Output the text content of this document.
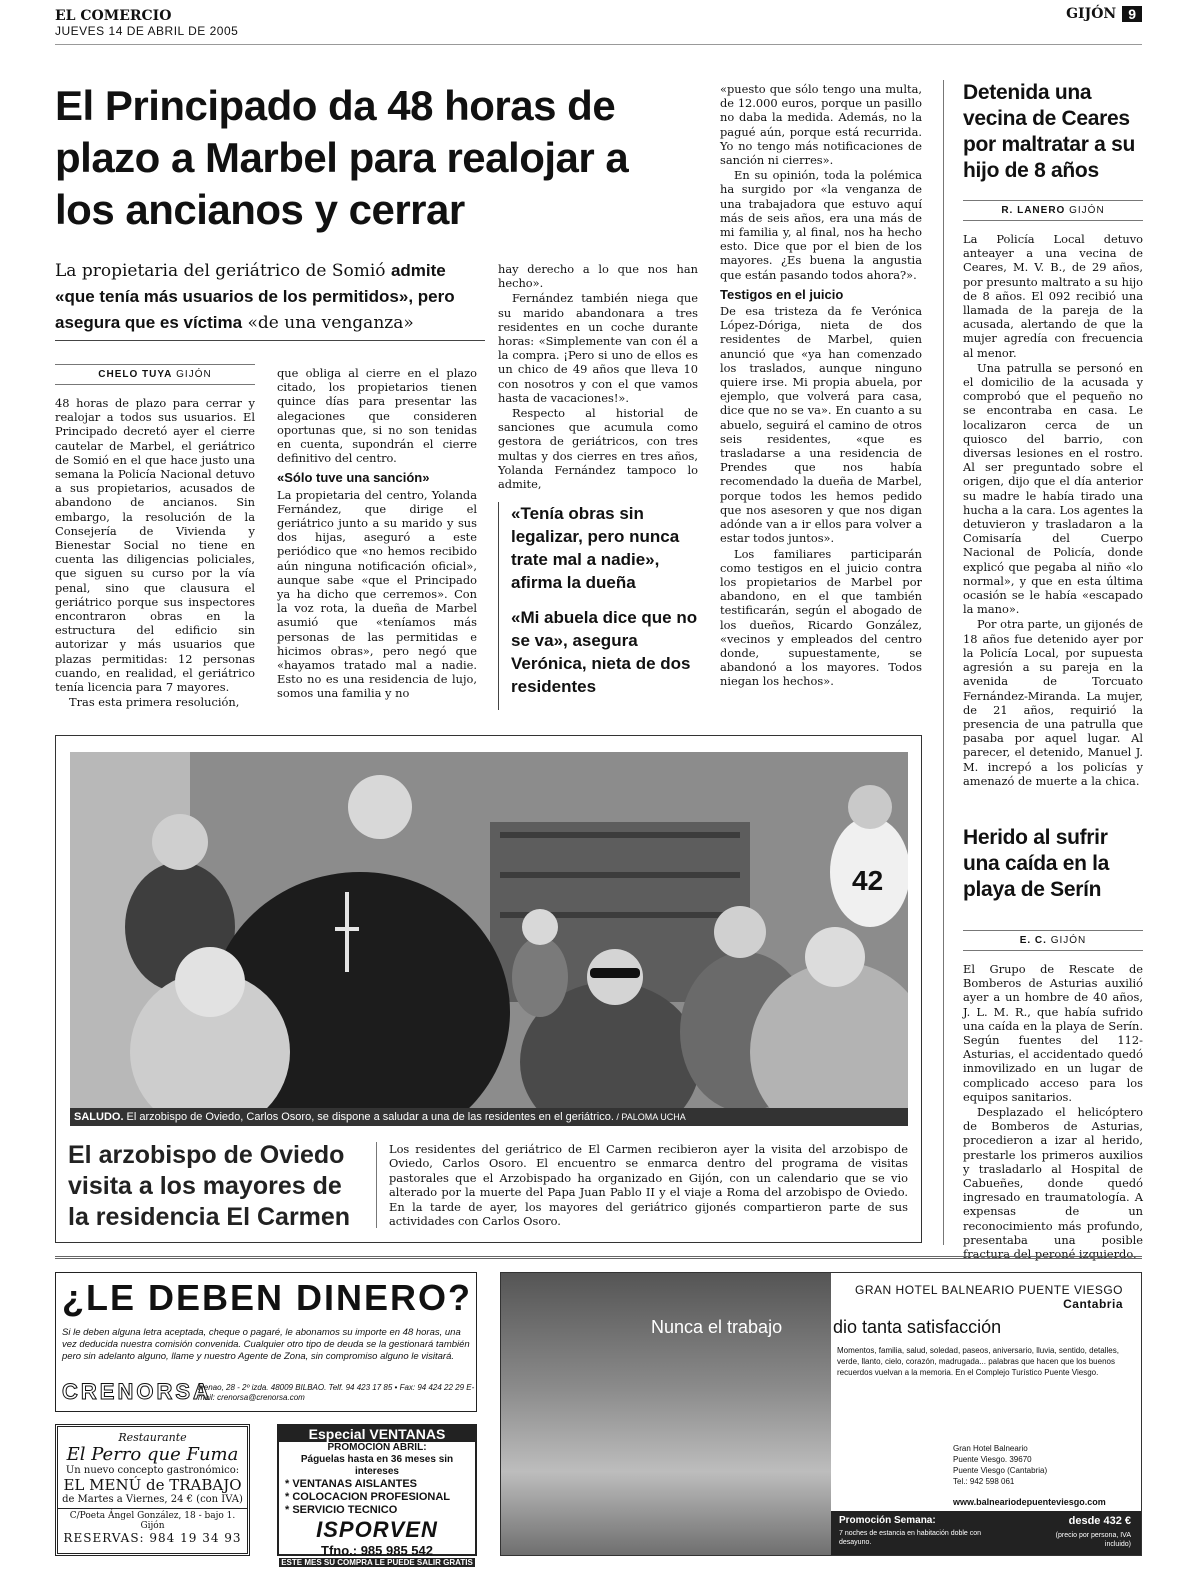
EL COMERCIO
JUEVES 14 DE ABRIL DE 2005
GIJÓN 9
El Principado da 48 horas de plazo a Marbel para realojar a los ancianos y cerrar
La propietaria del geriátrico de Somió admite «que tenía más usuarios de los permitidos», pero asegura que es víctima «de una venganza»
CHELO TUYA GIJÓN

48 horas de plazo para cerrar y realojar a todos sus usuarios. El Principado decretó ayer el cierre cautelar de Marbel, el geriátrico de Somió en el que hace justo una semana la Policía Nacional detuvo a sus propietarios, acusados de abandono de ancianos. Sin embargo, la resolución de la Consejería de Vivienda y Bienestar Social no tiene en cuenta las diligencias policiales, que siguen su curso por la vía penal, sino que clausura el geriátrico porque sus inspectores encontraron obras en la estructura del edificio sin autorizar y más usuarios que plazas permitidas: 12 personas cuando, en realidad, el geriátrico tenía licencia para 7 mayores.

Tras esta primera resolución,

que obliga al cierre en el plazo citado, los propietarios tienen quince días para presentar las alegaciones que consideren oportunas que, si no son tenidas en cuenta, supondrán el cierre definitivo del centro.

«Sólo tuve una sanción»

La propietaria del centro, Yolanda Fernández, que dirige el geriátrico junto a su marido y sus dos hijas, aseguró a este periódico que «no hemos recibido aún ninguna notificación oficial», aunque sabe «que el Principado ya ha dicho que cerremos». Con la voz rota, la dueña de Marbel asumió que «teníamos más personas de las permitidas e hicimos obras», pero negó que «hayamos tratado mal a nadie. Esto no es una residencia de lujo, somos una familia y no

hay derecho a lo que nos han hecho».

Fernández también niega que su marido abandonara a tres residentes en un coche durante horas: «Simplemente van con él a la compra. ¡Pero si uno de ellos es un chico de 49 años que lleva 10 con nosotros y con el que vamos hasta de vacaciones!».

Respecto al historial de sanciones que acumula como gestora de geriátricos, con tres multas y dos cierres en tres años, Yolanda Fernández tampoco lo admite,

«Tenía obras sin legalizar, pero nunca trate mal a nadie», afirma la dueña

«Mi abuela dice que no se va», asegura Verónica, nieta de dos residentes

«puesto que sólo tengo una multa, de 12.000 euros, porque un pasillo no daba la medida. Además, no la pagué aún, porque está recurrida. Yo no tengo más notificaciones de sanción ni cierres».

En su opinión, toda la polémica ha surgido por «la venganza de una trabajadora que estuvo aquí más de seis años, era una más de mi familia y, al final, nos ha hecho esto. Dice que por el bien de los mayores. ¿Es buena la angustia que están pasando todos ahora?».

Testigos en el juicio

De esa tristeza da fe Verónica López-Dóriga, nieta de dos residentes de Marbel, quien anunció que «ya han comenzado los traslados, aunque ninguno quiere irse. Mi propia abuela, por ejemplo, que volverá para casa, dice que no se va». En cuanto a su abuelo, seguirá el camino de otros seis residentes, «que es trasladarse a una residencia de Prendes que nos había recomendado la dueña de Marbel, porque todos les hemos pedido que nos asesoren y que nos digan adónde van a ir ellos para volver a estar todos juntos».

Los familiares participarán como testigos en el juicio contra los propietarios de Marbel por abandono, en el que también testificarán, según el abogado de los dueños, Ricardo González, «vecinos y empleados del centro donde, supuestamente, se abandonó a los mayores. Todos niegan los hechos».

Detenida una vecina de Ceares por maltratar a su hijo de 8 años
R. LANERO GIJÓN

La Policía Local detuvo anteayer a una vecina de Ceares, M. V. B., de 29 años, por presunto maltrato a su hijo de 8 años. El 092 recibió una llamada de la pareja de la acusada, alertando de que la mujer agredía con frecuencia al menor.

Una patrulla se personó en el domicilio de la acusada y comprobó que el pequeño no se encontraba en casa. Le localizaron cerca de un quiosco del barrio, con diversas lesiones en el rostro. Al ser preguntado sobre el origen, dijo que el día anterior su madre le había tirado una hucha a la cara. Los agentes la detuvieron y trasladaron a la Comisaría del Cuerpo Nacional de Policía, donde explicó que pegaba al niño «lo normal», y que en esta última ocasión se le había «escapado la mano».

Por otra parte, un gijonés de 18 años fue detenido ayer por la Policía Local, por supuesta agresión a su pareja en la avenida de Torcuato Fernández-Miranda. La mujer, de 21 años, requirió la presencia de una patrulla que pasaba por aquel lugar. Al parecer, el detenido, Manuel J. M. increpó a los policías y amenazó de muerte a la chica.

Herido al sufrir una caída en la playa de Serín
E. C. GIJÓN

El Grupo de Rescate de Bomberos de Asturias auxilió ayer a un hombre de 40 años, J. L. M. R., que había sufrido una caída en la playa de Serín. Según fuentes del 112-Asturias, el accidentado quedó inmovilizado en un lugar de complicado acceso para los equipos sanitarios.

Desplazado el helicóptero de Bomberos de Asturias, procedieron a izar al herido, prestarle los primeros auxilios y trasladarlo al Hospital de Cabueñes, donde quedó ingresado en traumatología. A expensas de un reconocimiento más profundo, presentaba una posible fractura del peroné izquierdo.

42
SALUDO. El arzobispo de Oviedo, Carlos Osoro, se dispone a saludar a una de las residentes en el geriátrico. / PALOMA UCHA
El arzobispo de Oviedo visita a los mayores de la residencia El Carmen

Los residentes del geriátrico de El Carmen recibieron ayer la visita del arzobispo de Oviedo, Carlos Osoro. El encuentro se enmarca dentro del programa de visitas pastorales que el Arzobispado ha organizado en Gijón, con un calendario que se vio alterado por la muerte del Papa Juan Pablo II y el viaje a Roma del arzobispo de Oviedo. En la tarde de ayer, los mayores del geriátrico gijonés compartieron parte de sus actividades con Carlos Osoro.

¿LE DEBEN DINERO?
Si le deben alguna letra aceptada, cheque o pagaré, le abonamos su importe en 48 horas, una vez deducida nuestra comisión convenida. Cualquier otro tipo de deuda se la gestionará también pero sin adelanto alguno, llame y nuestro Agente de Zona, sin compromiso alguno le visitará.
CRENORSA
Henao, 28 - 2º izda. 48009 BILBAO. Telf. 94 423 17 85 • Fax: 94 424 22 29 E-mail: crenorsa@crenorsa.com
Restaurante
El Perro que Fuma
Un nuevo concepto gastronómico:
EL MENÚ de TRABAJO
de Martes a Viernes, 24 € (con IVA)
C/Poeta Ángel González, 18 - bajo 1. Gijón
RESERVAS: 984 19 34 93
Especial VENTANAS
PROMOCIÓN ABRIL:
Páguelas hasta en 36 meses sin intereses
* VENTANAS AISLANTES
* COLOCACION PROFESIONAL
* SERVICIO TECNICO
ISPORVEN
Tfno.: 985 985 542
ESTE MES SU COMPRA LE PUEDE SALIR GRATIS
GRAN HOTEL BALNEARIO PUENTE VIESGO
Cantabria
Nunca el trabajo	dio tanta satisfacción
Momentos, familia, salud, soledad, paseos, aniversario, lluvia, sentido, detalles, verde, llanto, cielo, corazón, madrugada... palabras que hacen que los buenos recuerdos vuelvan a la memoria. En el Complejo Turístico Puente Viesgo.
Gran Hotel Balneario
Puente Viesgo. 39670
Puente Viesgo (Cantabria)
Tel.: 942 598 061
www.balneariodepuenteviesgo.com
Promoción Semana:
7 noches de estancia en habitación doble con desayuno.
desde 432 €
(precio por persona, IVA incluido)
